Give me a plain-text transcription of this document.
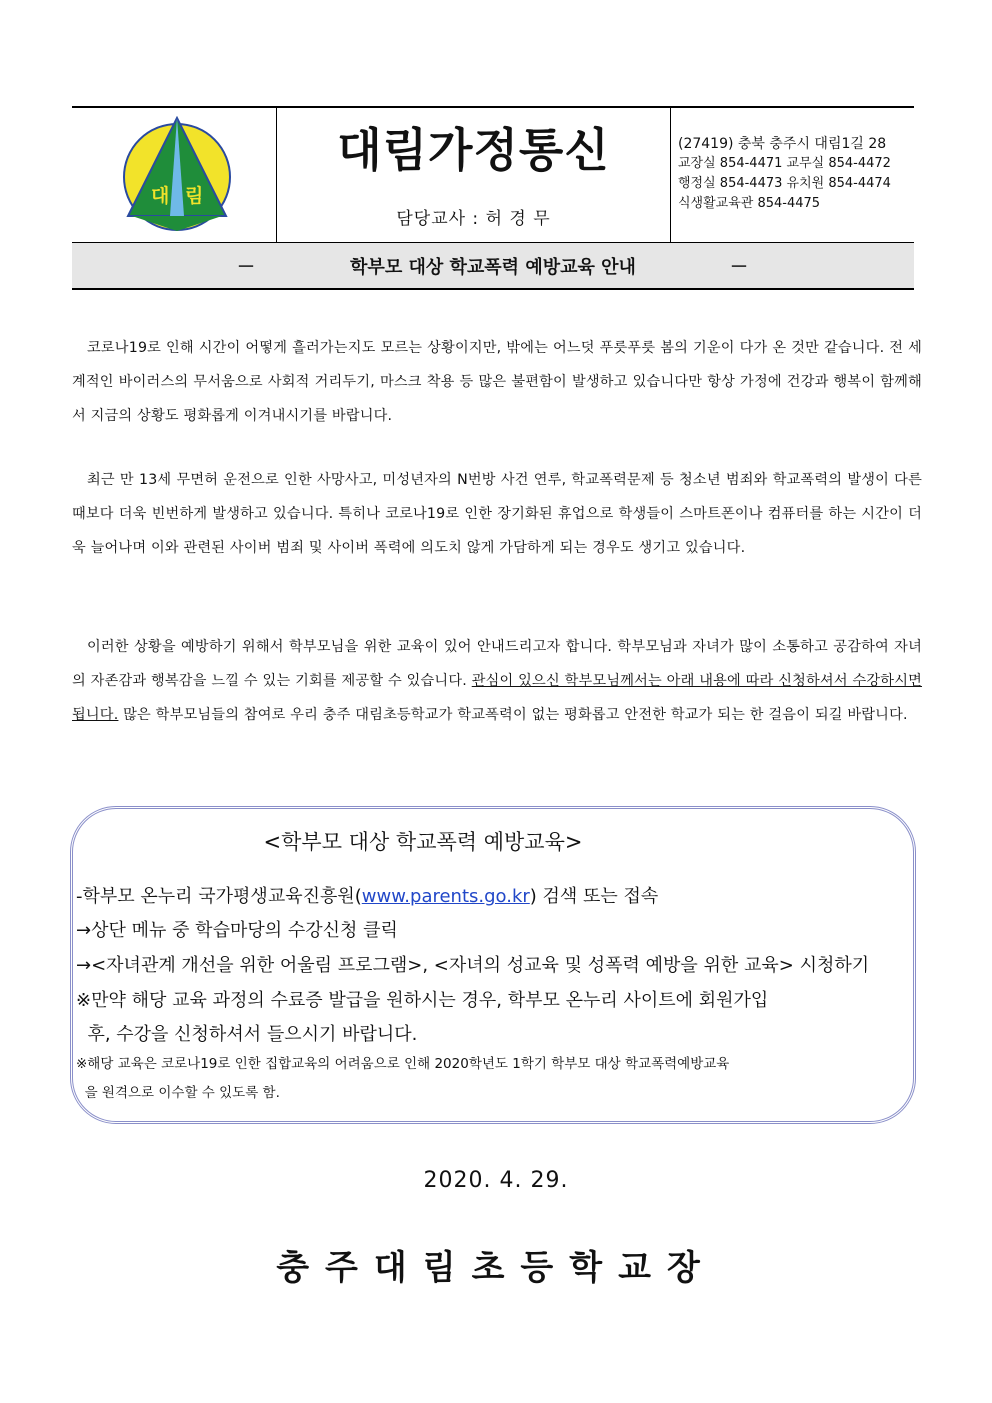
대 림
대림가정통신
담당교사 : 허 경 무
(27419) 충북 충주시 대림1길 28
교장실 854-4471 교무실 854-4472
행정실 854-4473 유치원 854-4474
식생활교육관 854-4475
－	학부모 대상 학교폭력 예방교육 안내	－
코로나19로 인해 시간이 어떻게 흘러가는지도 모르는 상황이지만, 밖에는 어느덧 푸릇푸릇 봄의 기운이 다가 온 것만 같습니다. 전 세계적인 바이러스의 무서움으로 사회적 거리두기, 마스크 착용 등 많은 불편함이 발생하고 있습니다만 항상 가정에 건강과 행복이 함께해서 지금의 상황도 평화롭게 이겨내시기를 바랍니다.
최근 만 13세 무면허 운전으로 인한 사망사고, 미성년자의 N번방 사건 연루, 학교폭력문제 등 청소년 범죄와 학교폭력의 발생이 다른 때보다 더욱 빈번하게 발생하고 있습니다. 특히나 코로나19로 인한 장기화된 휴업으로 학생들이 스마트폰이나 컴퓨터를 하는 시간이 더욱 늘어나며 이와 관련된 사이버 범죄 및 사이버 폭력에 의도치 않게 가담하게 되는 경우도 생기고 있습니다.
이러한 상황을 예방하기 위해서 학부모님을 위한 교육이 있어 안내드리고자 합니다. 학부모님과 자녀가 많이 소통하고 공감하여 자녀의 자존감과 행복감을 느낄 수 있는 기회를 제공할 수 있습니다. 관심이 있으신 학부모님께서는 아래 내용에 따라 신청하셔서 수강하시면 됩니다. 많은 학부모님들의 참여로 우리 충주 대림초등학교가 학교폭력이 없는 평화롭고 안전한 학교가 되는 한 걸음이 되길 바랍니다.
<학부모 대상 학교폭력 예방교육>
-학부모 온누리 국가평생교육진흥원(www.parents.go.kr) 검색 또는 접속
→상단 메뉴 중 학습마당의 수강신청 클릭
→<자녀관계 개선을 위한 어울림 프로그램>, <자녀의 성교육 및 성폭력 예방을 위한 교육> 시청하기
※만약 해당 교육 과정의 수료증 발급을 원하시는 경우, 학부모 온누리 사이트에 회원가입
후, 수강을 신청하셔서 들으시기 바랍니다.
※해당 교육은 코로나19로 인한 집합교육의 어려움으로 인해 2020학년도 1학기 학부모 대상 학교폭력예방교육
을 원격으로 이수할 수 있도록 함.
2020. 4. 29.
충주대림초등학교장
